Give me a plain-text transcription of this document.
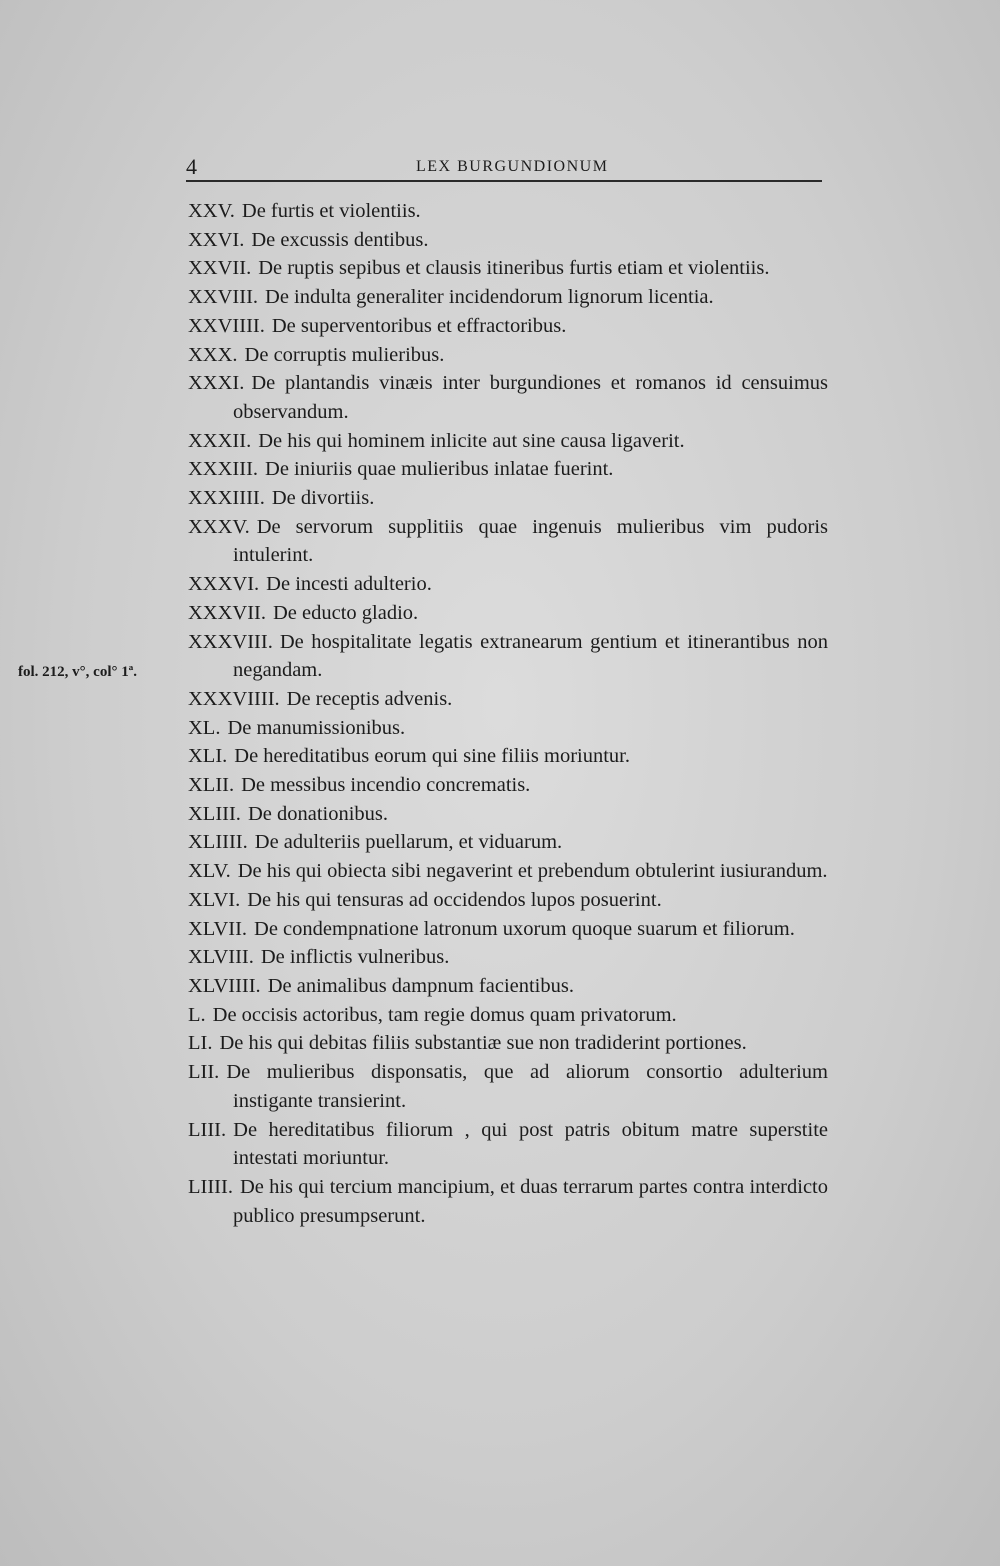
4	LEX BURGUNDIONUM
fol. 212, v°, col° 1ª.
XXV. De furtis et violentiis.
XXVI. De excussis dentibus.
XXVII. De ruptis sepibus et clausis itineribus furtis etiam et violentiis.
XXVIII. De indulta generaliter incidendorum lignorum licentia.
XXVIIII. De superventoribus et effractoribus.
XXX. De corruptis mulieribus.
XXXI. De plantandis vinæis inter burgundiones et romanos id censuimus observandum.
XXXII. De his qui hominem inlicite aut sine causa ligaverit.
XXXIII. De iniuriis quae mulieribus inlatae fuerint.
XXXIIII. De divortiis.
XXXV. De servorum supplitiis quae ingenuis mulieribus vim pudoris intulerint.
XXXVI. De incesti adulterio.
XXXVII. De educto gladio.
XXXVIII. De hospitalitate legatis extranearum gentium et itinerantibus non negandam.
XXXVIIII. De receptis advenis.
XL. De manumissionibus.
XLI. De hereditatibus eorum qui sine filiis moriuntur.
XLII. De messibus incendio concrematis.
XLIII. De donationibus.
XLIIII. De adulteriis puellarum, et viduarum.
XLV. De his qui obiecta sibi negaverint et prebendum obtulerint iusiurandum.
XLVI. De his qui tensuras ad occidendos lupos posuerint.
XLVII. De condempnatione latronum uxorum quoque suarum et filiorum.
XLVIII. De inflictis vulneribus.
XLVIIII. De animalibus dampnum facientibus.
L. De occisis actoribus, tam regie domus quam privatorum.
LI. De his qui debitas filiis substantiæ sue non tradiderint portiones.
LII. De mulieribus disponsatis, que ad aliorum consortio adulterium instigante transierint.
LIII. De hereditatibus filiorum , qui post patris obitum matre superstite intestati moriuntur.
LIIII. De his qui tercium mancipium, et duas terrarum partes contra interdicto publico presumpserunt.
